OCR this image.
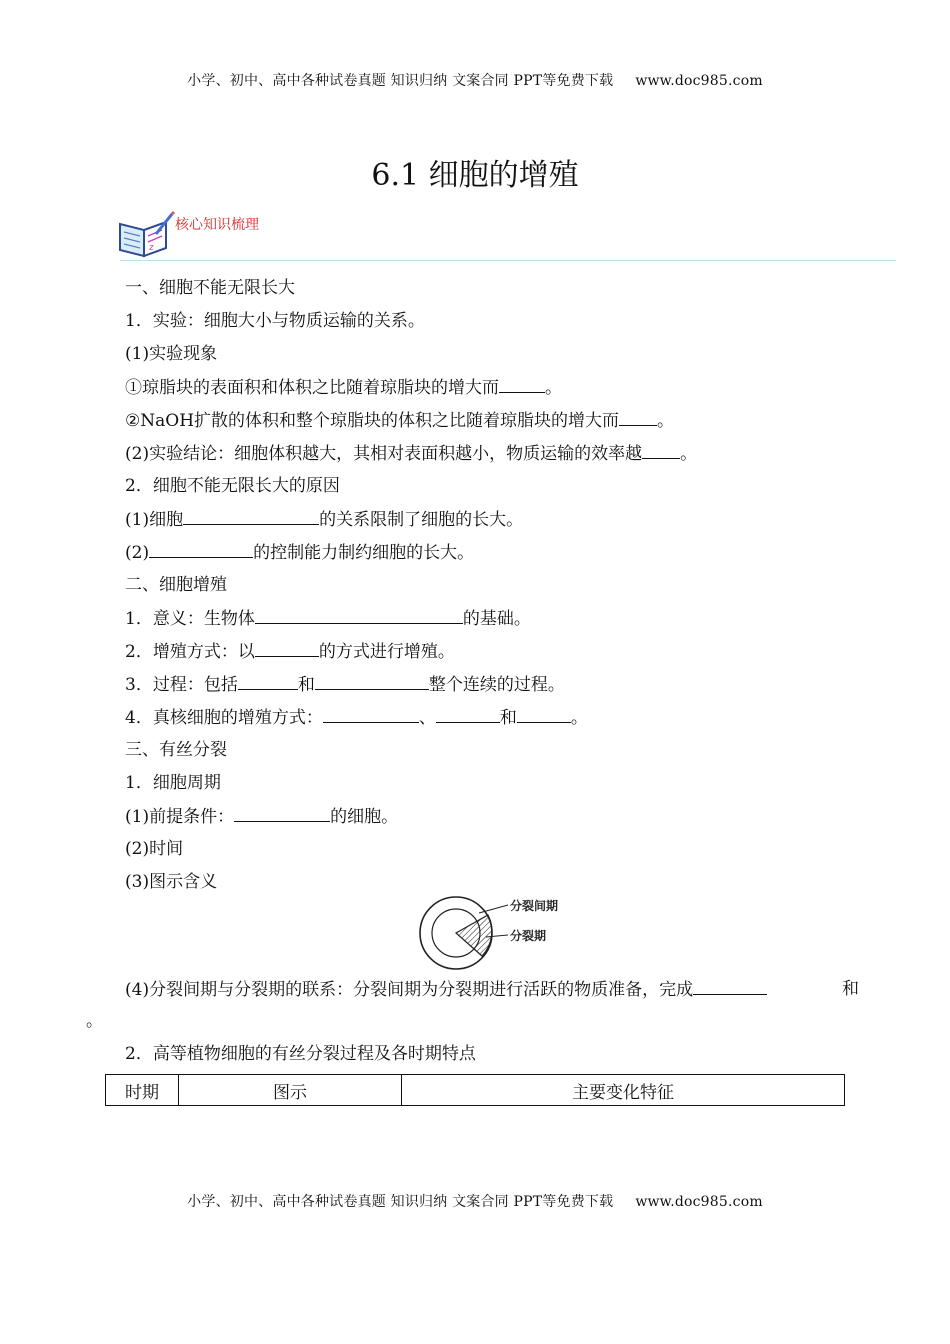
小学、初中、高中各种试卷真题 知识归纳 文案合同 PPT等免费下载 www.doc985.com
6.1 细胞的增殖
z
核心知识梳理
一、细胞不能无限长大
1．实验：细胞大小与物质运输的关系。
(1)实验现象
①琼脂块的表面积和体积之比随着琼脂块的增大而	。
②NaOH扩散的体积和整个琼脂块的体积之比随着琼脂块的增大而 。
(2)实验结论：细胞体积越大，其相对表面积越小，物质运输的效率越 。
2．细胞不能无限长大的原因
(1)细胞	的关系限制了细胞的长大。
(2)	的控制能力制约细胞的长大。
二、细胞增殖
1．意义：生物体	的基础。
2．增殖方式：以	的方式进行增殖。
3．过程：包括	和	整个连续的过程。
4．真核细胞的增殖方式：	、	和	。
三、有丝分裂
1．细胞周期
(1)前提条件：	的细胞。
(2)时间
(3)图示含义
分裂间期
分裂期
(4)分裂间期与分裂期的联系：分裂间期为分裂期进行活跃的物质准备，完成	和
。
2．高等植物细胞的有丝分裂过程及各时期特点
时期	图示	主要变化特征
小学、初中、高中各种试卷真题 知识归纳 文案合同 PPT等免费下载 www.doc985.com
